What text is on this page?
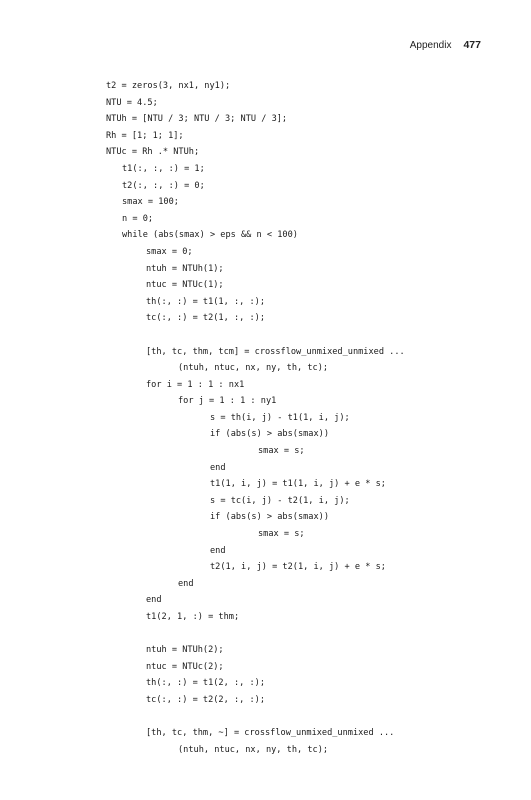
Appendix 477
t2 = zeros(3, nx1, ny1);
NTU = 4.5;
NTUh = [NTU / 3; NTU / 3; NTU / 3];
Rh = [1; 1; 1];
NTUc = Rh .* NTUh;
t1(:, :, :) = 1;
t2(:, :, :) = 0;
smax = 100;
n = 0;
while (abs(smax) > eps && n < 100)
smax = 0;
ntuh = NTUh(1);
ntuc = NTUc(1);
th(:, :) = t1(1, :, :);
tc(:, :) = t2(1, :, :);
[th, tc, thm, tcm] = crossflow_unmixed_unmixed ...
(ntuh, ntuc, nx, ny, th, tc);
for i = 1 : 1 : nx1
for j = 1 : 1 : ny1
s = th(i, j) - t1(1, i, j);
if (abs(s) > abs(smax))
smax = s;
end
t1(1, i, j) = t1(1, i, j) + e * s;
s = tc(i, j) - t2(1, i, j);
if (abs(s) > abs(smax))
smax = s;
end
t2(1, i, j) = t2(1, i, j) + e * s;
end
end
t1(2, 1, :) = thm;
ntuh = NTUh(2);
ntuc = NTUc(2);
th(:, :) = t1(2, :, :);
tc(:, :) = t2(2, :, :);
[th, tc, thm, ~] = crossflow_unmixed_unmixed ...
(ntuh, ntuc, nx, ny, th, tc);
